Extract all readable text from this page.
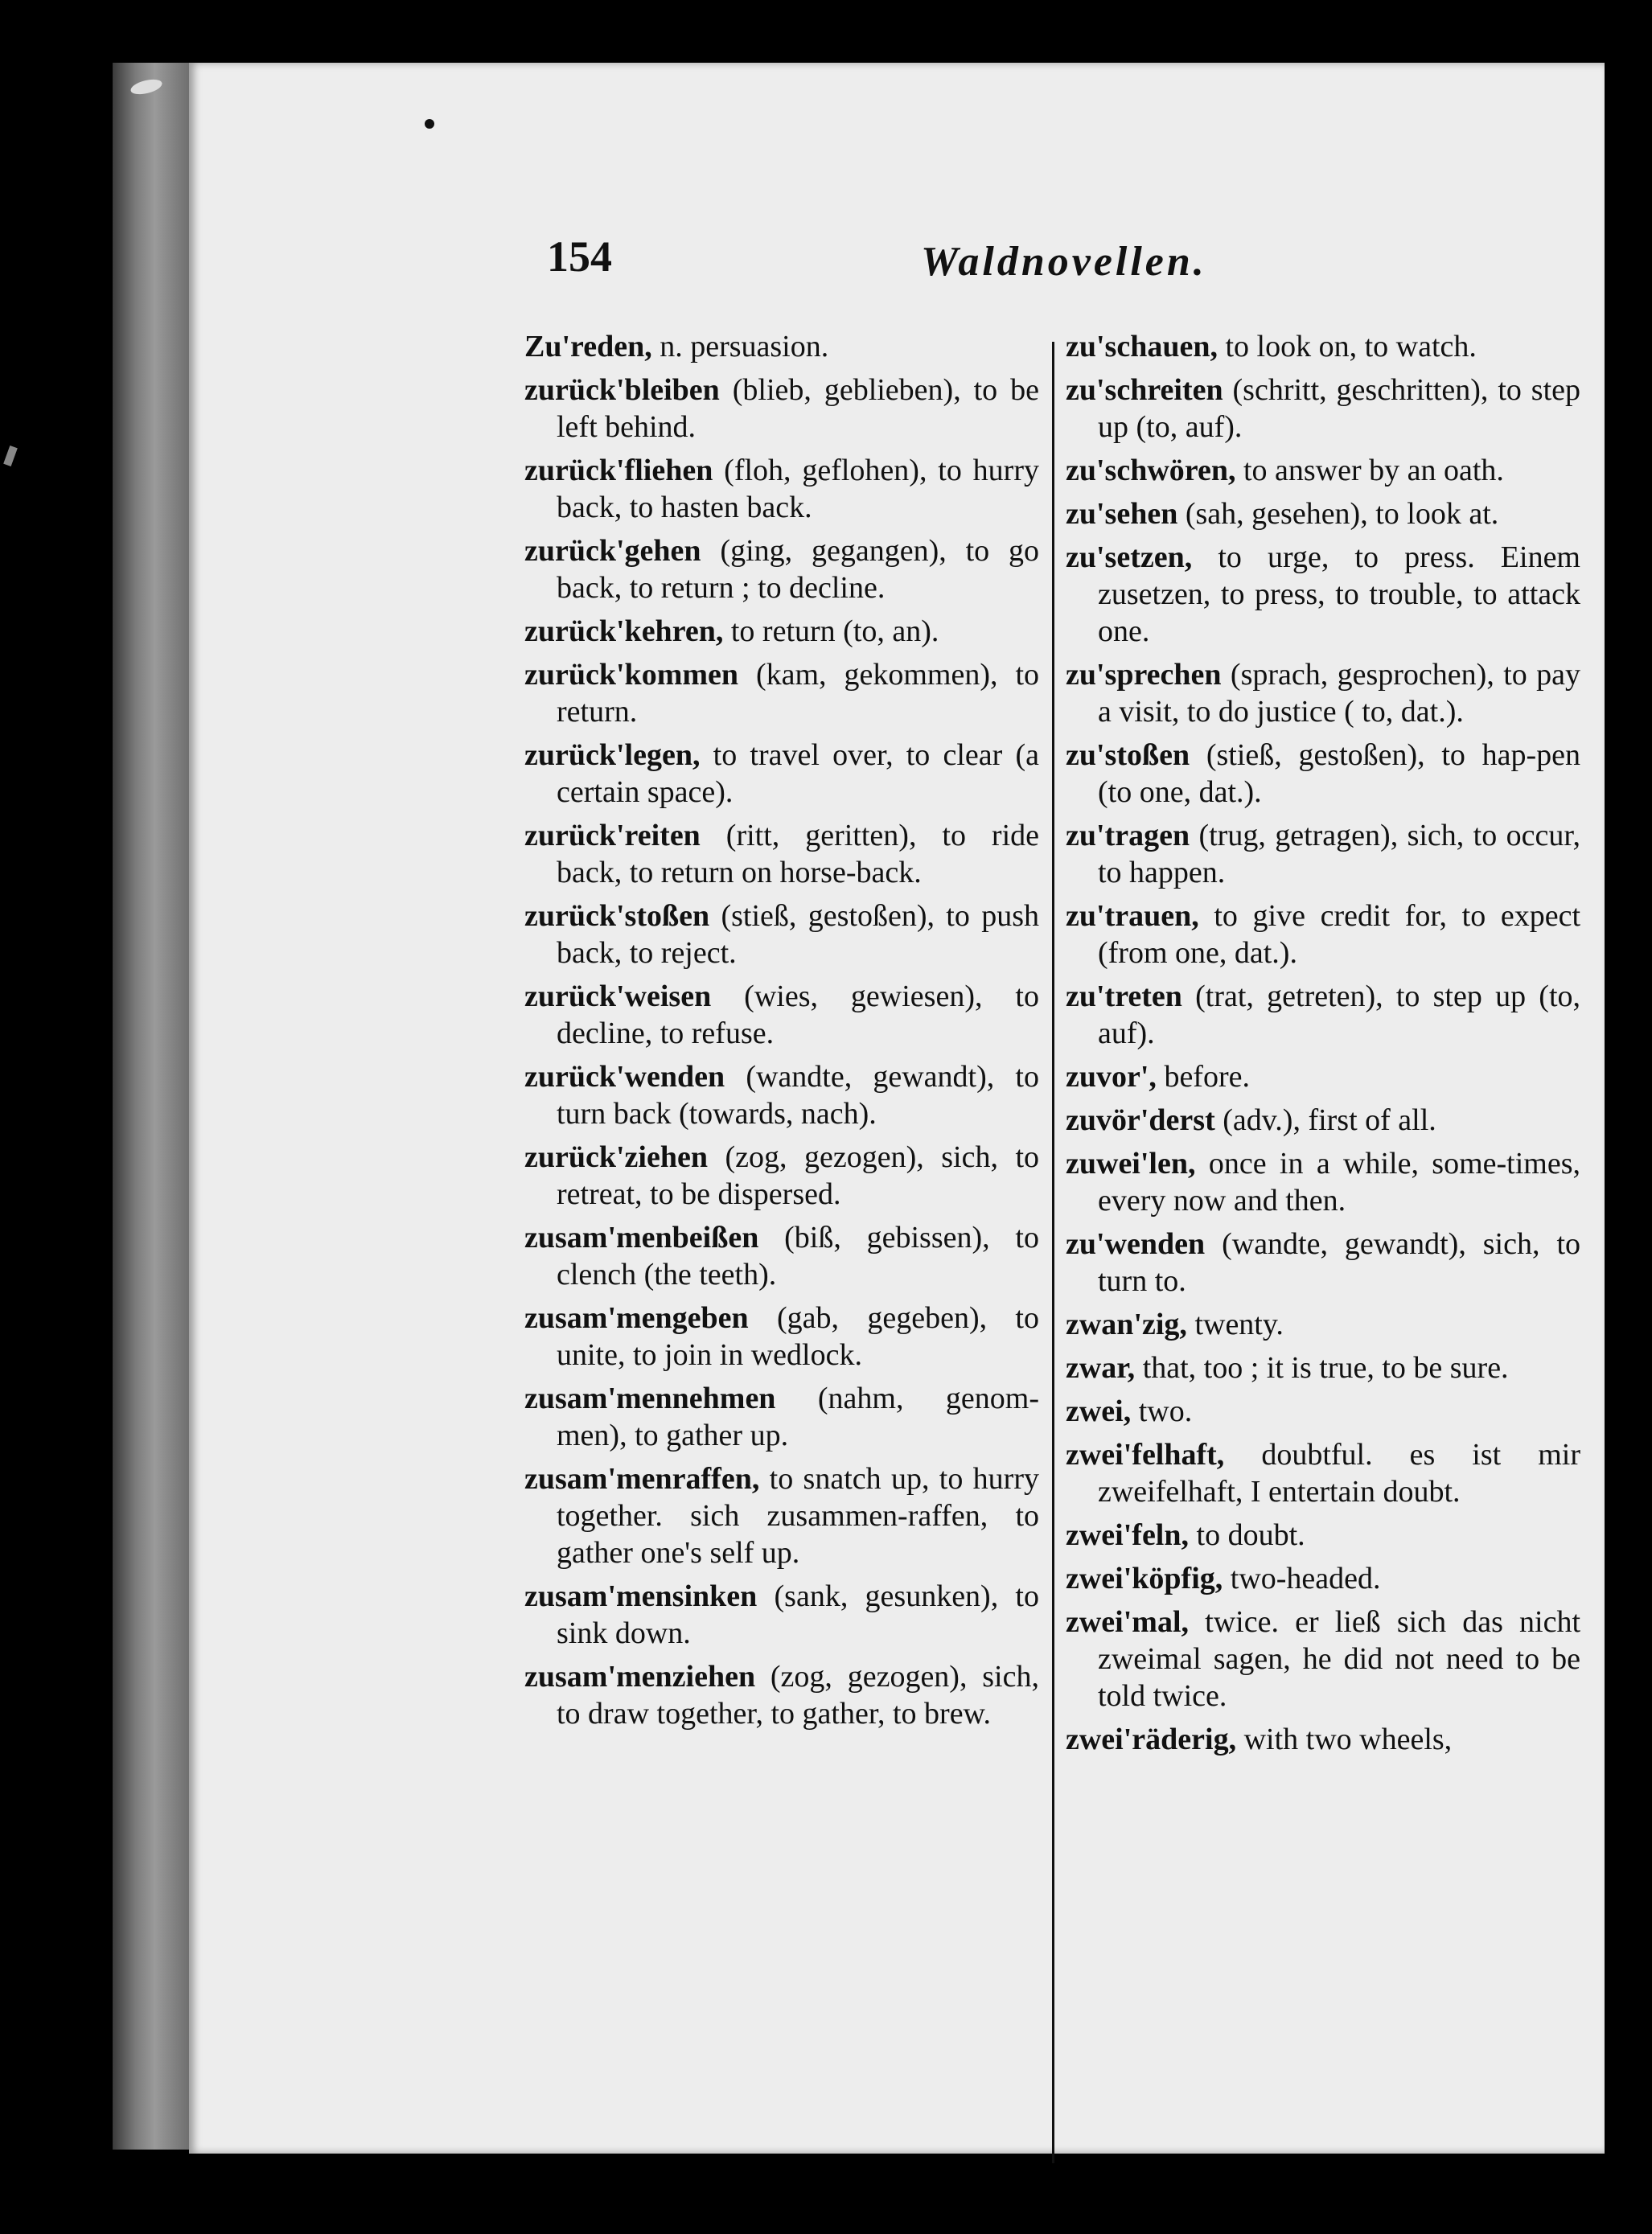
154	Waldnovellen.
Zu'reden, n. persuasion.
zurück'bleiben (blieb, geblieben), to be left behind.
zurück'fliehen (floh, geflohen), to hurry back, to hasten back.
zurück'gehen (ging, gegangen), to go back, to return ; to decline.
zurück'kehren, to return (to, an).
zurück'kommen (kam, gekommen), to return.
zurück'legen, to travel over, to clear (a certain space).
zurück'reiten (ritt, geritten), to ride back, to return on horse-back.
zurück'stoßen (stieß, gestoßen), to push back, to reject.
zurück'weisen (wies, gewiesen), to decline, to refuse.
zurück'wenden (wandte, gewandt), to turn back (towards, nach).
zurück'ziehen (zog, gezogen), sich, to retreat, to be dispersed.
zusam'menbeißen (biß, gebissen), to clench (the teeth).
zusam'mengeben (gab, gegeben), to unite, to join in wedlock.
zusam'mennehmen (nahm, genom-men), to gather up.
zusam'menraffen, to snatch up, to hurry together. sich zusammen-raffen, to gather one's self up.
zusam'mensinken (sank, gesunken), to sink down.
zusam'menziehen (zog, gezogen), sich, to draw together, to gather, to brew.
zu'schauen, to look on, to watch.
zu'schreiten (schritt, geschritten), to step up (to, auf).
zu'schwören, to answer by an oath.
zu'sehen (sah, gesehen), to look at.
zu'setzen, to urge, to press. Einem zusetzen, to press, to trouble, to attack one.
zu'sprechen (sprach, gesprochen), to pay a visit, to do justice ( to, dat.).
zu'stoßen (stieß, gestoßen), to hap-pen (to one, dat.).
zu'tragen (trug, getragen), sich, to occur, to happen.
zu'trauen, to give credit for, to expect (from one, dat.).
zu'treten (trat, getreten), to step up (to, auf).
zuvor', before.
zuvör'derst (adv.), first of all.
zuwei'len, once in a while, some-times, every now and then.
zu'wenden (wandte, gewandt), sich, to turn to.
zwan'zig, twenty.
zwar, that, too ; it is true, to be sure.
zwei, two.
zwei'felhaft, doubtful. es ist mir zweifelhaft, I entertain doubt.
zwei'feln, to doubt.
zwei'köpfig, two-headed.
zwei'mal, twice. er ließ sich das nicht zweimal sagen, he did not need to be told twice.
zwei'räderig, with two wheels,
